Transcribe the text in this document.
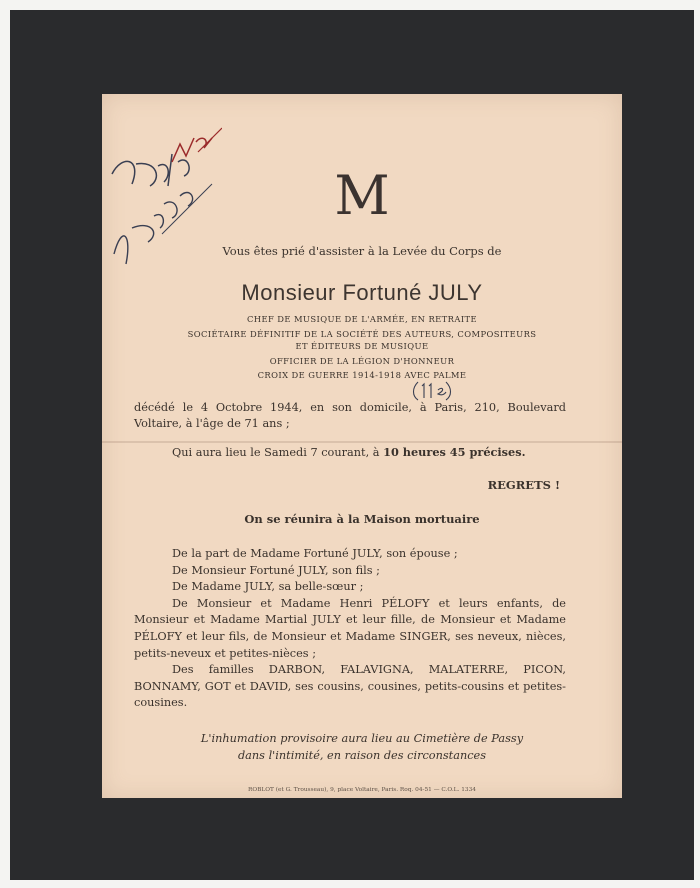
M
Vous êtes prié d'assister à la Levée du Corps de
Monsieur Fortuné JULY
CHEF DE MUSIQUE DE L'ARMÉE, EN RETRAITE
SOCIÉTAIRE DÉFINITIF DE LA SOCIÉTÉ DES AUTEURS, COMPOSITEURS
ET ÉDITEURS DE MUSIQUE
OFFICIER DE LA LÉGION D'HONNEUR
CROIX DE GUERRE 1914-1918 AVEC PALME
décédé le 4 Octobre 1944, en son domicile, à Paris, 210, Boulevard Voltaire, à l'âge de 71 ans ;
Qui aura lieu le Samedi 7 courant, à 10 heures 45 précises.
REGRETS !
On se réunira à la Maison mortuaire
De la part de Madame Fortuné JULY, son épouse ;
De Monsieur Fortuné JULY, son fils ;
De Madame JULY, sa belle-sœur ;
De Monsieur et Madame Henri PÉLOFY et leurs enfants, de Monsieur et Madame Martial JULY et leur fille, de Monsieur et Madame PÉLOFY et leur fils, de Monsieur et Madame SINGER, ses neveux, nièces, petits-neveux et petites-nièces ;
Des familles DARBON, FALAVIGNA, MALATERRE, PICON, BONNAMY, GOT et DAVID, ses cousins, cousines, petits-cousins et petites-cousines.
L'inhumation provisoire aura lieu au Cimetière de Passy
dans l'intimité, en raison des circonstances
ROBLOT (et G. Trousseau), 9, place Voltaire, Paris. Roq. 04-51 — C.O.L. 1334
